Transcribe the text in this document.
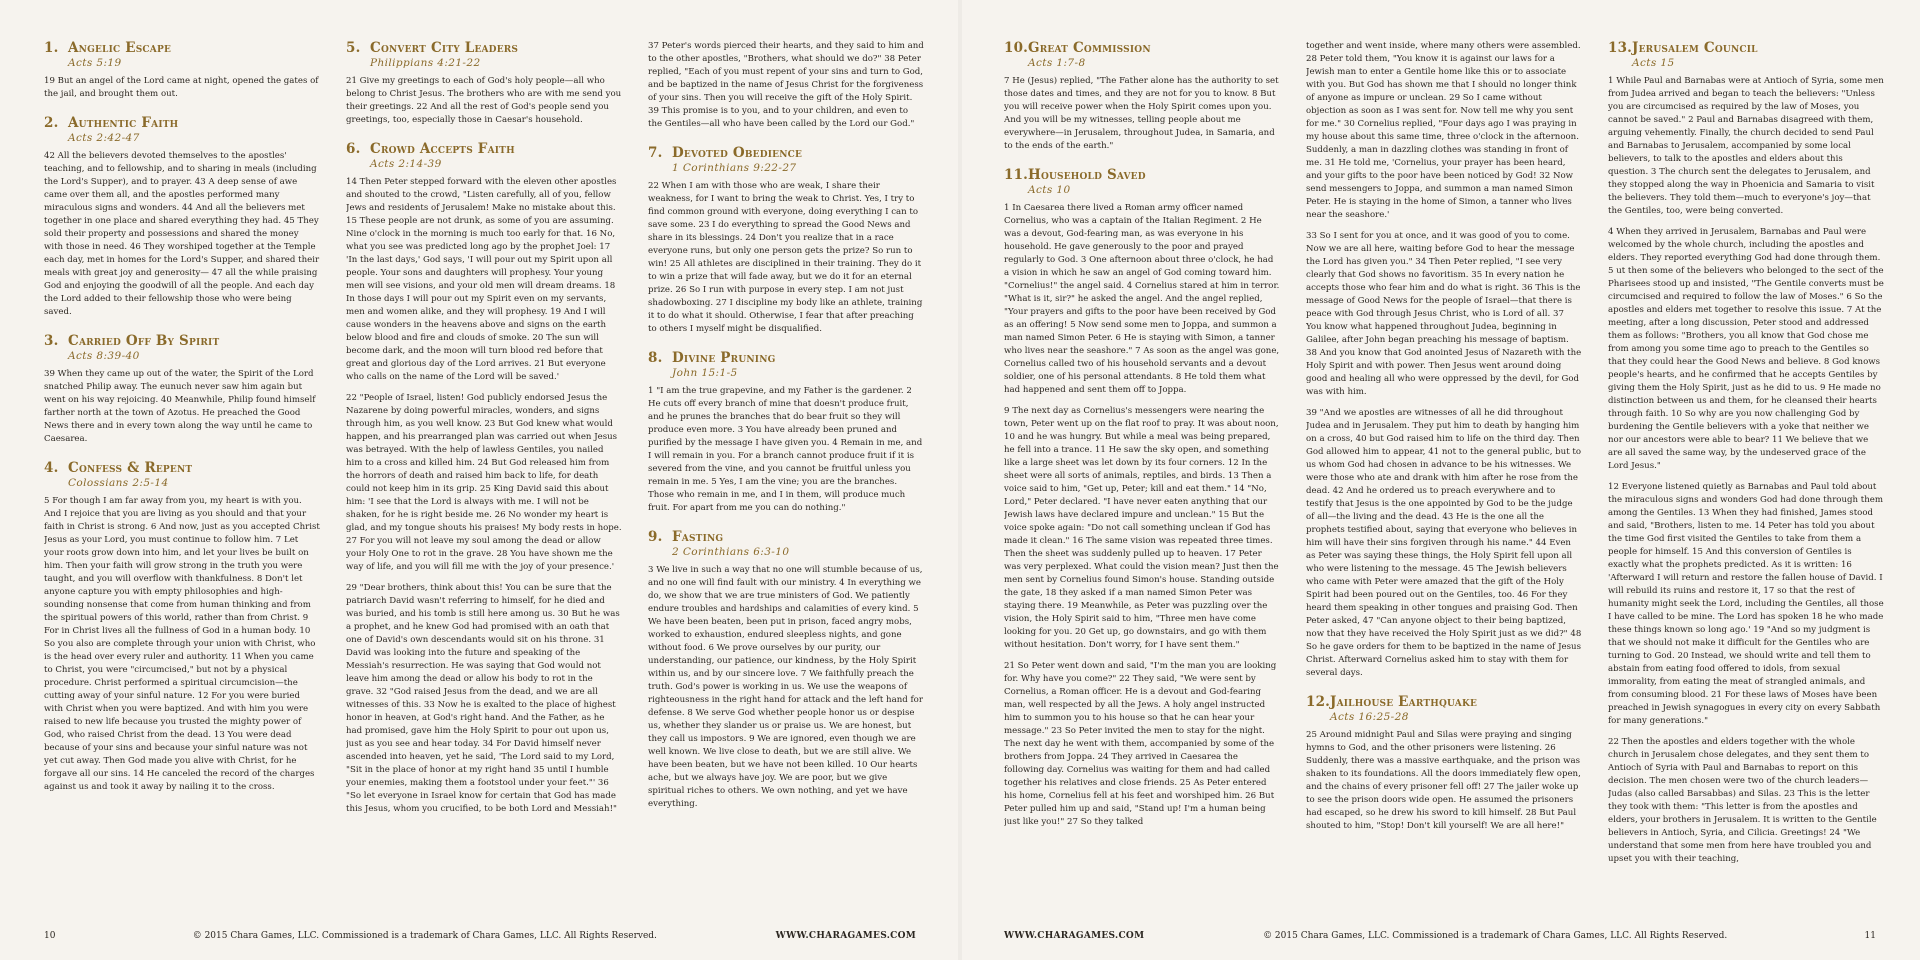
1. Angelic Escape
Acts 5:19

19 But an angel of the Lord came at night, opened the gates of the jail, and brought them out.

2. Authentic Faith
Acts 2:42-47

42 All the believers devoted themselves to the apostles' teaching, and to fellowship, and to sharing in meals (including the Lord's Supper), and to prayer. 43 A deep sense of awe came over them all, and the apostles performed many miraculous signs and wonders. 44 And all the believers met together in one place and shared everything they had. 45 They sold their property and possessions and shared the money with those in need. 46 They worshiped together at the Temple each day, met in homes for the Lord's Supper, and shared their meals with great joy and generosity— 47 all the while praising God and enjoying the goodwill of all the people. And each day the Lord added to their fellowship those who were being saved.

3. Carried Off By Spirit
Acts 8:39-40

39 When they came up out of the water, the Spirit of the Lord snatched Philip away. The eunuch never saw him again but went on his way rejoicing. 40 Meanwhile, Philip found himself farther north at the town of Azotus. He preached the Good News there and in every town along the way until he came to Caesarea.

4. Confess & Repent
Colossians 2:5-14

5 For though I am far away from you, my heart is with you. And I rejoice that you are living as you should and that your faith in Christ is strong. 6 And now, just as you accepted Christ Jesus as your Lord, you must continue to follow him. 7 Let your roots grow down into him, and let your lives be built on him. Then your faith will grow strong in the truth you were taught, and you will overflow with thankfulness. 8 Don't let anyone capture you with empty philosophies and high-sounding nonsense that come from human thinking and from the spiritual powers of this world, rather than from Christ. 9 For in Christ lives all the fullness of God in a human body. 10 So you also are complete through your union with Christ, who is the head over every ruler and authority. 11 When you came to Christ, you were "circumcised," but not by a physical procedure. Christ performed a spiritual circumcision—the cutting away of your sinful nature. 12 For you were buried with Christ when you were baptized. And with him you were raised to new life because you trusted the mighty power of God, who raised Christ from the dead. 13 You were dead because of your sins and because your sinful nature was not yet cut away. Then God made you alive with Christ, for he forgave all our sins. 14 He canceled the record of the charges against us and took it away by nailing it to the cross.

5. Convert City Leaders
Philippians 4:21-22

21 Give my greetings to each of God's holy people—all who belong to Christ Jesus. The brothers who are with me send you their greetings. 22 And all the rest of God's people send you greetings, too, especially those in Caesar's household.

6. Crowd Accepts Faith
Acts 2:14-39

14 Then Peter stepped forward with the eleven other apostles and shouted to the crowd, "Listen carefully, all of you, fellow Jews and residents of Jerusalem! Make no mistake about this. 15 These people are not drunk, as some of you are assuming. Nine o'clock in the morning is much too early for that. 16 No, what you see was predicted long ago by the prophet Joel: 17 'In the last days,' God says, 'I will pour out my Spirit upon all people. Your sons and daughters will prophesy. Your young men will see visions, and your old men will dream dreams. 18 In those days I will pour out my Spirit even on my servants, men and women alike, and they will prophesy. 19 And I will cause wonders in the heavens above and signs on the earth below blood and fire and clouds of smoke. 20 The sun will become dark, and the moon will turn blood red before that great and glorious day of the Lord arrives. 21 But everyone who calls on the name of the Lord will be saved.'

22 "People of Israel, listen! God publicly endorsed Jesus the Nazarene by doing powerful miracles, wonders, and signs through him, as you well know. 23 But God knew what would happen, and his prearranged plan was carried out when Jesus was betrayed. With the help of lawless Gentiles, you nailed him to a cross and killed him. 24 But God released him from the horrors of death and raised him back to life, for death could not keep him in its grip. 25 King David said this about him: 'I see that the Lord is always with me. I will not be shaken, for he is right beside me. 26 No wonder my heart is glad, and my tongue shouts his praises! My body rests in hope. 27 For you will not leave my soul among the dead or allow your Holy One to rot in the grave. 28 You have shown me the way of life, and you will fill me with the joy of your presence.'

29 "Dear brothers, think about this! You can be sure that the patriarch David wasn't referring to himself, for he died and was buried, and his tomb is still here among us. 30 But he was a prophet, and he knew God had promised with an oath that one of David's own descendants would sit on his throne. 31 David was looking into the future and speaking of the Messiah's resurrection. He was saying that God would not leave him among the dead or allow his body to rot in the grave. 32 "God raised Jesus from the dead, and we are all witnesses of this. 33 Now he is exalted to the place of highest honor in heaven, at God's right hand. And the Father, as he had promised, gave him the Holy Spirit to pour out upon us, just as you see and hear today. 34 For David himself never ascended into heaven, yet he said, 'The Lord said to my Lord, "Sit in the place of honor at my right hand 35 until I humble your enemies, making them a footstool under your feet."' 36 "So let everyone in Israel know for certain that God has made this Jesus, whom you crucified, to be both Lord and Messiah!"

37 Peter's words pierced their hearts, and they said to him and to the other apostles, "Brothers, what should we do?" 38 Peter replied, "Each of you must repent of your sins and turn to God, and be baptized in the name of Jesus Christ for the forgiveness of your sins. Then you will receive the gift of the Holy Spirit. 39 This promise is to you, and to your children, and even to the Gentiles—all who have been called by the Lord our God."

7. Devoted Obedience
1 Corinthians 9:22-27

22 When I am with those who are weak, I share their weakness, for I want to bring the weak to Christ. Yes, I try to find common ground with everyone, doing everything I can to save some. 23 I do everything to spread the Good News and share in its blessings. 24 Don't you realize that in a race everyone runs, but only one person gets the prize? So run to win! 25 All athletes are disciplined in their training. They do it to win a prize that will fade away, but we do it for an eternal prize. 26 So I run with purpose in every step. I am not just shadowboxing. 27 I discipline my body like an athlete, training it to do what it should. Otherwise, I fear that after preaching to others I myself might be disqualified.

8. Divine Pruning
John 15:1-5

1 "I am the true grapevine, and my Father is the gardener. 2 He cuts off every branch of mine that doesn't produce fruit, and he prunes the branches that do bear fruit so they will produce even more. 3 You have already been pruned and purified by the message I have given you. 4 Remain in me, and I will remain in you. For a branch cannot produce fruit if it is severed from the vine, and you cannot be fruitful unless you remain in me. 5 Yes, I am the vine; you are the branches. Those who remain in me, and I in them, will produce much fruit. For apart from me you can do nothing."

9. Fasting
2 Corinthians 6:3-10

3 We live in such a way that no one will stumble because of us, and no one will find fault with our ministry. 4 In everything we do, we show that we are true ministers of God. We patiently endure troubles and hardships and calamities of every kind. 5 We have been beaten, been put in prison, faced angry mobs, worked to exhaustion, endured sleepless nights, and gone without food. 6 We prove ourselves by our purity, our understanding, our patience, our kindness, by the Holy Spirit within us, and by our sincere love. 7 We faithfully preach the truth. God's power is working in us. We use the weapons of righteousness in the right hand for attack and the left hand for defense. 8 We serve God whether people honor us or despise us, whether they slander us or praise us. We are honest, but they call us impostors. 9 We are ignored, even though we are well known. We live close to death, but we are still alive. We have been beaten, but we have not been killed. 10 Our hearts ache, but we always have joy. We are poor, but we give spiritual riches to others. We own nothing, and yet we have everything.

10	© 2015 Chara Games, LLC. Commissioned is a trademark of Chara Games, LLC. All Rights Reserved.	WWW.CHARAGAMES.COM
10. Great Commission
Acts 1:7-8

7 He (Jesus) replied, "The Father alone has the authority to set those dates and times, and they are not for you to know. 8 But you will receive power when the Holy Spirit comes upon you. And you will be my witnesses, telling people about me everywhere—in Jerusalem, throughout Judea, in Samaria, and to the ends of the earth."

11. Household Saved
Acts 10

1 In Caesarea there lived a Roman army officer named Cornelius, who was a captain of the Italian Regiment. 2 He was a devout, God-fearing man, as was everyone in his household. He gave generously to the poor and prayed regularly to God. 3 One afternoon about three o'clock, he had a vision in which he saw an angel of God coming toward him. "Cornelius!" the angel said. 4 Cornelius stared at him in terror. "What is it, sir?" he asked the angel. And the angel replied, "Your prayers and gifts to the poor have been received by God as an offering! 5 Now send some men to Joppa, and summon a man named Simon Peter. 6 He is staying with Simon, a tanner who lives near the seashore." 7 As soon as the angel was gone, Cornelius called two of his household servants and a devout soldier, one of his personal attendants. 8 He told them what had happened and sent them off to Joppa.

9 The next day as Cornelius's messengers were nearing the town, Peter went up on the flat roof to pray. It was about noon, 10 and he was hungry. But while a meal was being prepared, he fell into a trance. 11 He saw the sky open, and something like a large sheet was let down by its four corners. 12 In the sheet were all sorts of animals, reptiles, and birds. 13 Then a voice said to him, "Get up, Peter; kill and eat them." 14 "No, Lord," Peter declared. "I have never eaten anything that our Jewish laws have declared impure and unclean." 15 But the voice spoke again: "Do not call something unclean if God has made it clean." 16 The same vision was repeated three times. Then the sheet was suddenly pulled up to heaven. 17 Peter was very perplexed. What could the vision mean? Just then the men sent by Cornelius found Simon's house. Standing outside the gate, 18 they asked if a man named Simon Peter was staying there. 19 Meanwhile, as Peter was puzzling over the vision, the Holy Spirit said to him, "Three men have come looking for you. 20 Get up, go downstairs, and go with them without hesitation. Don't worry, for I have sent them."

21 So Peter went down and said, "I'm the man you are looking for. Why have you come?" 22 They said, "We were sent by Cornelius, a Roman officer. He is a devout and God-fearing man, well respected by all the Jews. A holy angel instructed him to summon you to his house so that he can hear your message." 23 So Peter invited the men to stay for the night. The next day he went with them, accompanied by some of the brothers from Joppa. 24 They arrived in Caesarea the following day. Cornelius was waiting for them and had called together his relatives and close friends. 25 As Peter entered his home, Cornelius fell at his feet and worshiped him. 26 But Peter pulled him up and said, "Stand up! I'm a human being just like you!" 27 So they talked

together and went inside, where many others were assembled. 28 Peter told them, "You know it is against our laws for a Jewish man to enter a Gentile home like this or to associate with you. But God has shown me that I should no longer think of anyone as impure or unclean. 29 So I came without objection as soon as I was sent for. Now tell me why you sent for me." 30 Cornelius replied, "Four days ago I was praying in my house about this same time, three o'clock in the afternoon. Suddenly, a man in dazzling clothes was standing in front of me. 31 He told me, 'Cornelius, your prayer has been heard, and your gifts to the poor have been noticed by God! 32 Now send messengers to Joppa, and summon a man named Simon Peter. He is staying in the home of Simon, a tanner who lives near the seashore.'

33 So I sent for you at once, and it was good of you to come. Now we are all here, waiting before God to hear the message the Lord has given you." 34 Then Peter replied, "I see very clearly that God shows no favoritism. 35 In every nation he accepts those who fear him and do what is right. 36 This is the message of Good News for the people of Israel—that there is peace with God through Jesus Christ, who is Lord of all. 37 You know what happened throughout Judea, beginning in Galilee, after John began preaching his message of baptism. 38 And you know that God anointed Jesus of Nazareth with the Holy Spirit and with power. Then Jesus went around doing good and healing all who were oppressed by the devil, for God was with him.

39 "And we apostles are witnesses of all he did throughout Judea and in Jerusalem. They put him to death by hanging him on a cross, 40 but God raised him to life on the third day. Then God allowed him to appear, 41 not to the general public, but to us whom God had chosen in advance to be his witnesses. We were those who ate and drank with him after he rose from the dead. 42 And he ordered us to preach everywhere and to testify that Jesus is the one appointed by God to be the judge of all—the living and the dead. 43 He is the one all the prophets testified about, saying that everyone who believes in him will have their sins forgiven through his name." 44 Even as Peter was saying these things, the Holy Spirit fell upon all who were listening to the message. 45 The Jewish believers who came with Peter were amazed that the gift of the Holy Spirit had been poured out on the Gentiles, too. 46 For they heard them speaking in other tongues and praising God. Then Peter asked, 47 "Can anyone object to their being baptized, now that they have received the Holy Spirit just as we did?" 48 So he gave orders for them to be baptized in the name of Jesus Christ. Afterward Cornelius asked him to stay with them for several days.

12. Jailhouse Earthquake
Acts 16:25-28

25 Around midnight Paul and Silas were praying and singing hymns to God, and the other prisoners were listening. 26 Suddenly, there was a massive earthquake, and the prison was shaken to its foundations. All the doors immediately flew open, and the chains of every prisoner fell off! 27 The jailer woke up to see the prison doors wide open. He assumed the prisoners had escaped, so he drew his sword to kill himself. 28 But Paul shouted to him, "Stop! Don't kill yourself! We are all here!"

13. Jerusalem Council
Acts 15

1 While Paul and Barnabas were at Antioch of Syria, some men from Judea arrived and began to teach the believers: "Unless you are circumcised as required by the law of Moses, you cannot be saved." 2 Paul and Barnabas disagreed with them, arguing vehemently. Finally, the church decided to send Paul and Barnabas to Jerusalem, accompanied by some local believers, to talk to the apostles and elders about this question. 3 The church sent the delegates to Jerusalem, and they stopped along the way in Phoenicia and Samaria to visit the believers. They told them—much to everyone's joy—that the Gentiles, too, were being converted.

4 When they arrived in Jerusalem, Barnabas and Paul were welcomed by the whole church, including the apostles and elders. They reported everything God had done through them. 5 ut then some of the believers who belonged to the sect of the Pharisees stood up and insisted, "The Gentile converts must be circumcised and required to follow the law of Moses." 6 So the apostles and elders met together to resolve this issue. 7 At the meeting, after a long discussion, Peter stood and addressed them as follows: "Brothers, you all know that God chose me from among you some time ago to preach to the Gentiles so that they could hear the Good News and believe. 8 God knows people's hearts, and he confirmed that he accepts Gentiles by giving them the Holy Spirit, just as he did to us. 9 He made no distinction between us and them, for he cleansed their hearts through faith. 10 So why are you now challenging God by burdening the Gentile believers with a yoke that neither we nor our ancestors were able to bear? 11 We believe that we are all saved the same way, by the undeserved grace of the Lord Jesus."

12 Everyone listened quietly as Barnabas and Paul told about the miraculous signs and wonders God had done through them among the Gentiles. 13 When they had finished, James stood and said, "Brothers, listen to me. 14 Peter has told you about the time God first visited the Gentiles to take from them a people for himself. 15 And this conversion of Gentiles is exactly what the prophets predicted. As it is written: 16 'Afterward I will return and restore the fallen house of David. I will rebuild its ruins and restore it, 17 so that the rest of humanity might seek the Lord, including the Gentiles, all those I have called to be mine. The Lord has spoken 18 he who made these things known so long ago.' 19 "And so my judgment is that we should not make it difficult for the Gentiles who are turning to God. 20 Instead, we should write and tell them to abstain from eating food offered to idols, from sexual immorality, from eating the meat of strangled animals, and from consuming blood. 21 For these laws of Moses have been preached in Jewish synagogues in every city on every Sabbath for many generations."

22 Then the apostles and elders together with the whole church in Jerusalem chose delegates, and they sent them to Antioch of Syria with Paul and Barnabas to report on this decision. The men chosen were two of the church leaders—Judas (also called Barsabbas) and Silas. 23 This is the letter they took with them: "This letter is from the apostles and elders, your brothers in Jerusalem. It is written to the Gentile believers in Antioch, Syria, and Cilicia. Greetings! 24 "We understand that some men from here have troubled you and upset you with their teaching,

WWW.CHARAGAMES.COM	© 2015 Chara Games, LLC. Commissioned is a trademark of Chara Games, LLC. All Rights Reserved.	11
